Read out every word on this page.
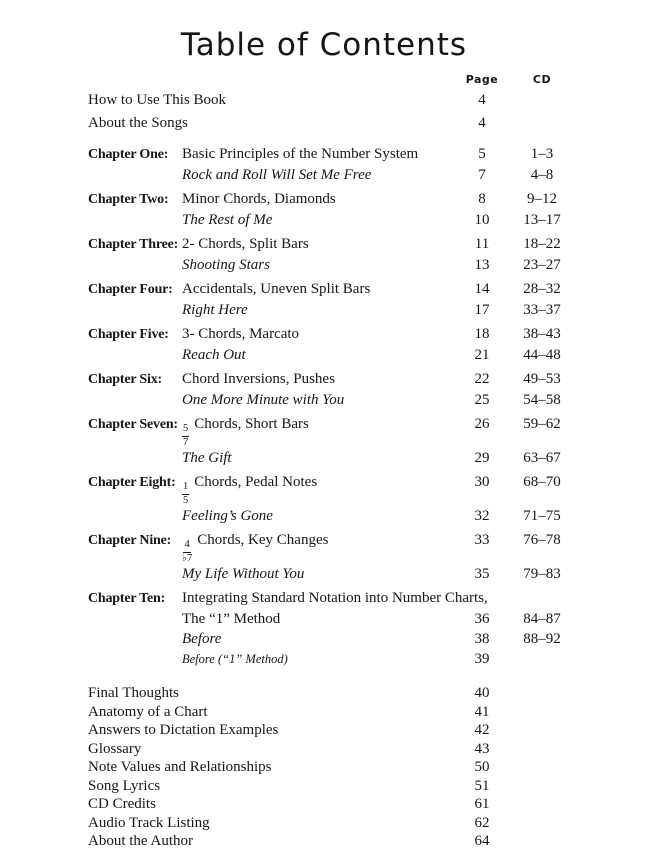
Table of Contents
Page	CD
How to Use This Book	4
About the Songs	4
Chapter One: Basic Principles of the Number System	5	1–3
Rock and Roll Will Set Me Free	7	4–8
Chapter Two: Minor Chords, Diamonds	8	9–12
The Rest of Me	10	13–17
Chapter Three: 2- Chords, Split Bars	11	18–22
Shooting Stars	13	23–27
Chapter Four: Accidentals, Uneven Split Bars	14	28–32
Right Here	17	33–37
Chapter Five: 3- Chords, Marcato	18	38–43
Reach Out	21	44–48
Chapter Six:	Chord Inversions, Pushes	22	49–53
One More Minute with You	25	54–58
Chapter Seven: $\frac{5}{7}$ Chords, Short Bars	26	59–62
The Gift	29	63–67
Chapter Eight: $\frac{1}{5}$ Chords, Pedal Notes	30	68–70
Feeling’s Gone	32	71–75
Chapter Nine:	$\frac{4}{♭7}$ Chords, Key Changes	33	76–78
My Life Without You	35	79–83
Chapter Ten:	Integrating Standard Notation into Number Charts,
The “1” Method	36	84–87
Before	38	88–92
Before (“1” Method)	39
Final Thoughts	40
Anatomy of a Chart	41
Answers to Dictation Examples	42
Glossary	43
Note Values and Relationships	50
Song Lyrics	51
CD Credits	61
Audio Track Listing	62
About the Author	64
